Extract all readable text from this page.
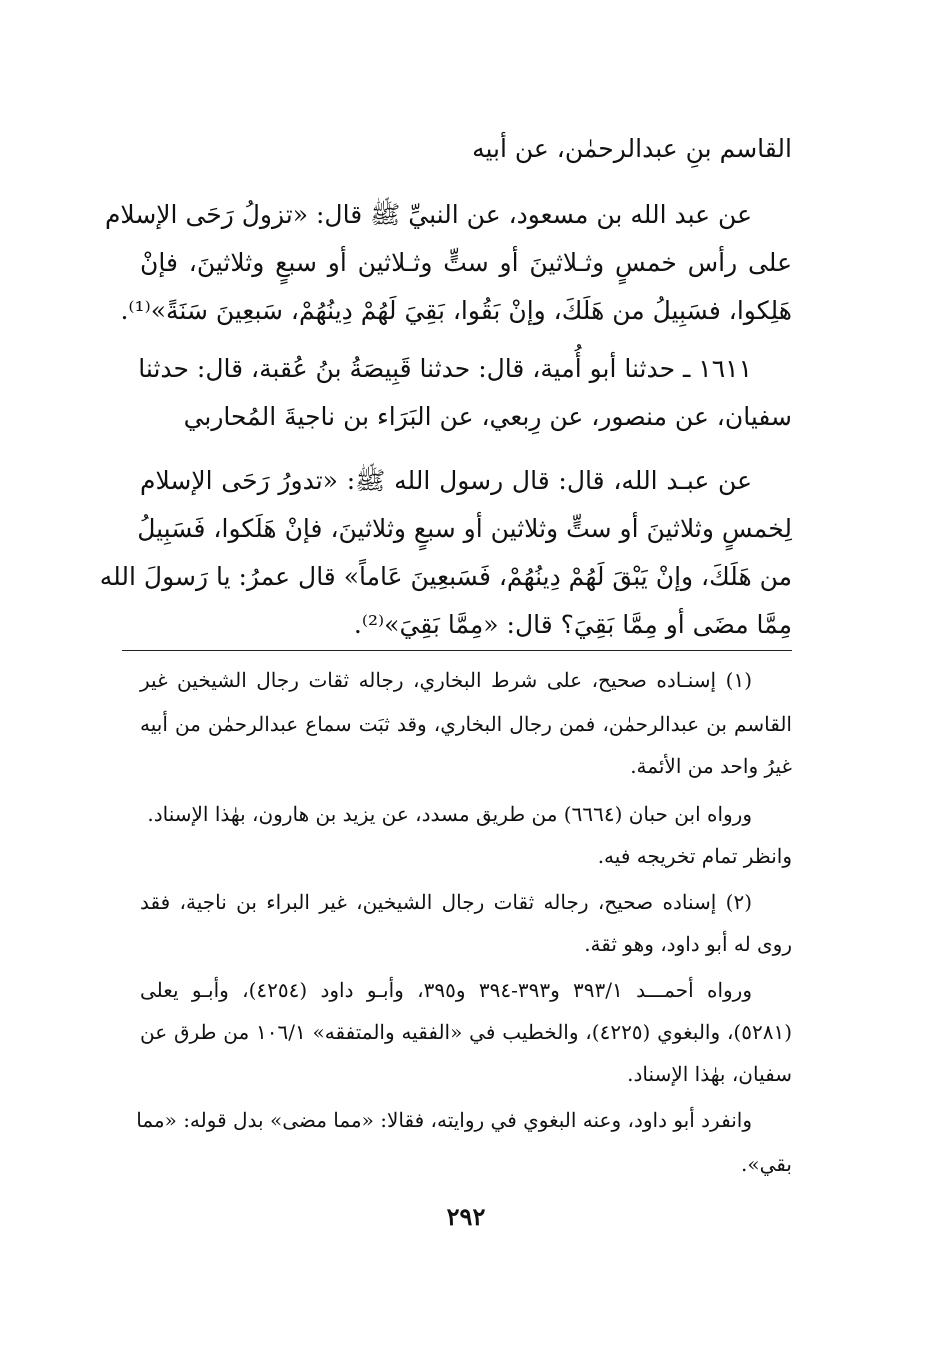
القاسم بنِ عبدالرحمٰن، عن أبيه
عن عبد الله بن مسعود، عن النبيِّ ﷺ قال: «تزولُ رَحَى الإسلام
على رأس خمسٍ وثـلاثينَ أو ستٍّ وثـلاثين أو سبعٍ وثلاثينَ، فإنْ
هَلِكوا، فسَبِيلُ من هَلَكَ، وإنْ بَقُوا، بَقِيَ لَهُمْ دِينُهُمْ، سَبعِينَ سَنَةً»⁽¹⁾.
١٦١١ ـ حدثنا أبو أُمية، قال: حدثنا قَبِيصَةُ بنُ عُقبة، قال: حدثنا
سفيان، عن منصور، عن رِبعي، عن البَرَاء بن ناجيةَ المُحاربي
عن عبـد الله، قال: قال رسول الله ﷺ: «تدورُ رَحَى الإسلام
لِخمسٍ وثلاثينَ أو ستٍّ وثلاثين أو سبعٍ وثلاثينَ، فإنْ هَلَكوا، فَسَبِيلُ
من هَلَكَ، وإنْ يَبْقَ لَهُمْ دِينُهُمْ، فَسَبعِينَ عَاماً» قال عمرُ: يا رَسولَ الله
مِمَّا مضَى أو مِمَّا بَقِيَ؟ قال: «مِمَّا بَقِيَ»⁽²⁾.
(١) إسنـاده صحيح، على شرط البخاري، رجاله ثقات رجال الشيخين غير
القاسم بن عبدالرحمٰن، فمن رجال البخاري، وقد ثبَت سماع عبدالرحمٰن من أبيه
غيرُ واحد من الأئمة.
ورواه ابن حبان (٦٦٦٤) من طريق مسدد، عن يزيد بن هارون، بهٰذا الإسناد.
وانظر تمام تخريجه فيه.
(٢) إسناده صحيح، رجاله ثقات رجال الشيخين، غير البراء بن ناجية، فقد
روى له أبو داود، وهو ثقة.
ورواه أحمـــد ٣٩٣/١ و٣٩٣-٣٩٤ و٣٩٥، وأبـو داود (٤٢٥٤)، وأبـو يعلى
(٥٢٨١)، والبغوي (٤٢٢٥)، والخطيب في «الفقيه والمتفقه» ١٠٦/١ من طرق عن
سفيان، بهٰذا الإسناد.
وانفرد أبو داود، وعنه البغوي في روايته، فقالا: «مما مضى» بدل قوله: «مما
بقي».
٢٩٢
